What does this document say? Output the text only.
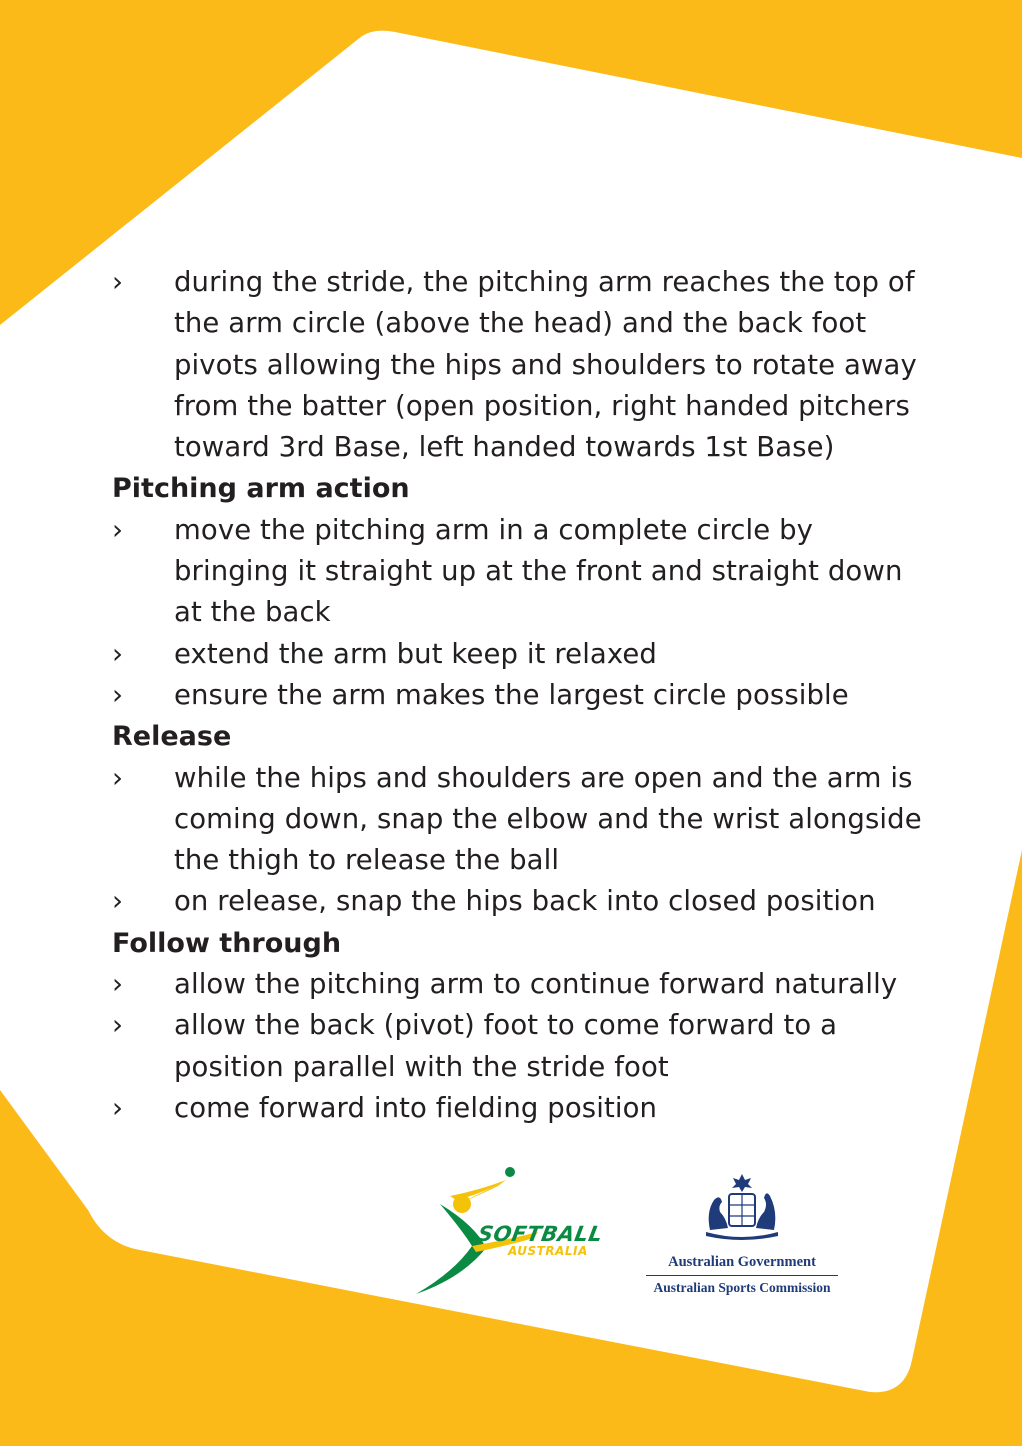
›	during the stride, the pitching arm reaches the top of the arm circle (above the head) and the back foot pivots allowing the hips and shoulders to rotate away from the batter (open position, right handed pitchers toward 3rd Base, left handed towards 1st Base)
Pitching arm action
›	move the pitching arm in a complete circle by bringing it straight up at the front and straight down at the back
›	extend the arm but keep it relaxed
›	ensure the arm makes the largest circle possible
Release
›	while the hips and shoulders are open and the arm is coming down, snap the elbow and the wrist alongside the thigh to release the ball
›	on release, snap the hips back into closed position
Follow through
›	allow the pitching arm to continue forward naturally
›	allow the back (pivot) foot to come forward to a position parallel with the stride foot
›	come forward into fielding position
SOFTBALL
AUSTRALIA
Australian Government
Australian Sports Commission
